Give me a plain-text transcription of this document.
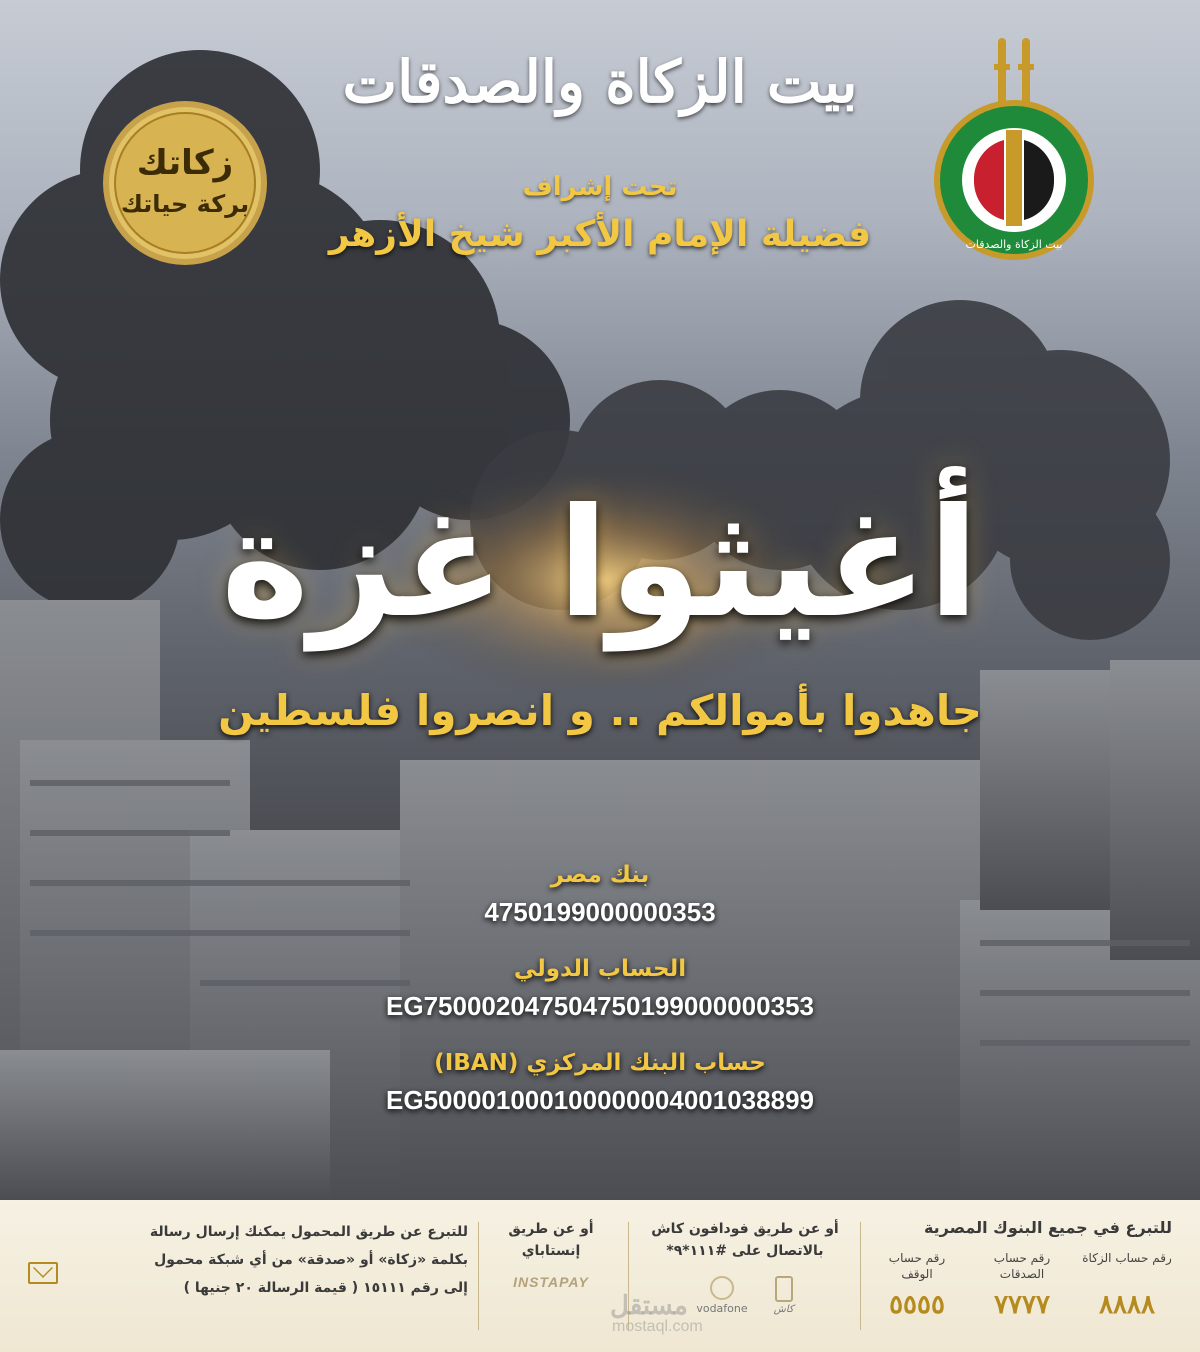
بيت الزكاة والصدقات
تحت إشراف
فضيلة الإمام الأكبر شيخ الأزهر	بيت الزكاة والصدقات
زكاتك
بركة حياتك
أغيثوا غزة
جاهدوا بأموالكم .. و انصروا فلسطين
بنك مصر
4750199000000353
الحساب الدولي
EG750002047504750199000000353
حساب البنك المركزي (IBAN)
EG500001000100000004001038899
للتبرع في جميع البنوك المصرية
رقم حساب الزكاة
٨٨٨٨
رقم حساب الصدقات
٧٧٧٧
رقم حساب الوقف
٥٥٥٥
أو عن طريق فودافون كاش
بالاتصال على #١١١*٩*
vodafone	كاش
أو عن طريق
إنستاباي
INSTAPAY
للتبرع عن طريق المحمول يمكنك إرسال رسالة
بكلمة «زكاة» أو «صدقة» من أي شبكة محمول
إلى رقم ١٥١١١ ( قيمة الرسالة ٢٠ جنيها )
مستقل
mostaql.com
